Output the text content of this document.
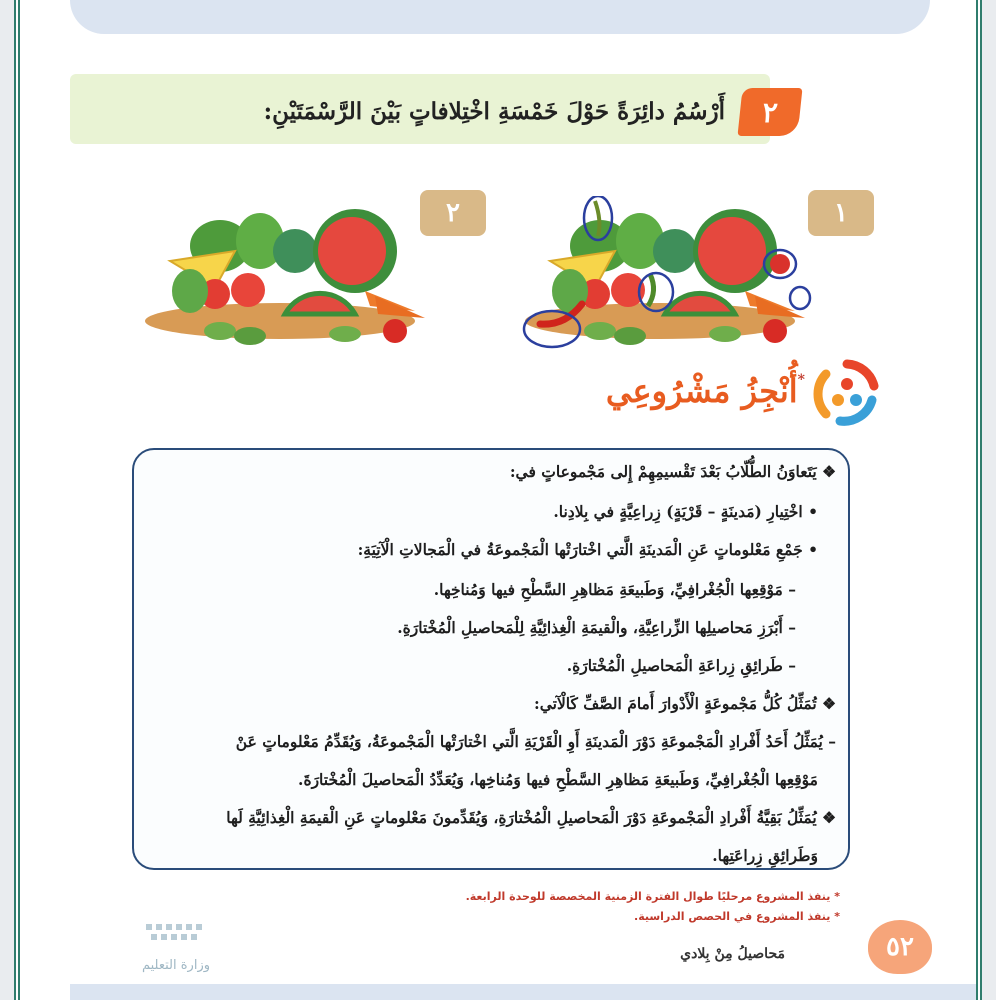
٢
أَرْسُمُ دائِرَةً حَوْلَ خَمْسَةِ اخْتِلافاتٍ بَيْنَ الرَّسْمَتَيْنِ:
١
٢
*أُنْجِزُ مَشْرُوعِي
❖ يَتَعاوَنُ الطُّلّابُ بَعْدَ تَقْسيمِهِمْ إِلى مَجْموعاتٍ في:
• اخْتِيارِ (مَدينَةٍ – قَرْيَةٍ) زِراعِيَّةٍ في بِلادِنا.
• جَمْعِ مَعْلوماتٍ عَنِ الْمَدينَةِ الَّتي اخْتارَتْها الْمَجْموعَةُ في الْمَجالاتِ الْآتِيَةِ:
– مَوْقِعِها الْجُغْرافِيِّ، وَطَبيعَةِ مَظاهِرِ السَّطْحِ فيها وَمُناخِها.
– أَبْرَزِ مَحاصيلِها الزِّراعِيَّةِ، والْقيمَةِ الْغِذائِيَّةِ لِلْمَحاصيلِ الْمُخْتارَةِ.
– طَرائِقِ زِراعَةِ الْمَحاصيلِ الْمُخْتارَةِ.
❖ تُمَثِّلُ كُلُّ مَجْموعَةٍ الْأَدْوارَ أَمامَ الصَّفِّ كَالْآتي:
– يُمَثِّلُ أَحَدُ أَفْرادِ الْمَجْموعَةِ دَوْرَ الْمَدينَةِ أَوِ الْقَرْيَةِ الَّتي اخْتارَتْها الْمَجْموعَةُ، وَيُقَدِّمُ مَعْلوماتٍ عَنْ
مَوْقِعِها الْجُغْرافِيِّ، وَطَبيعَةِ مَظاهِرِ السَّطْحِ فيها وَمُناخِها، وَيُعَدِّدُ الْمَحاصيلَ الْمُخْتارَةَ.
❖ يُمَثِّلُ بَقِيَّةُ أَفْرادِ الْمَجْموعَةِ دَوْرَ الْمَحاصيلِ الْمُخْتارَةِ، وَيُقَدِّمونَ مَعْلوماتٍ عَنِ الْقيمَةِ الْغِذائِيَّةِ لَها
وَطَرائِقِ زِراعَتِها.
* ينفذ المشروع مرحليًا طوال الفترة الزمنية المخصصة للوحدة الرابعة.
* ينفذ المشروع في الحصص الدراسية.
وزارة التعليم
مَحاصيلُ مِنْ بِلادي	٥٢
